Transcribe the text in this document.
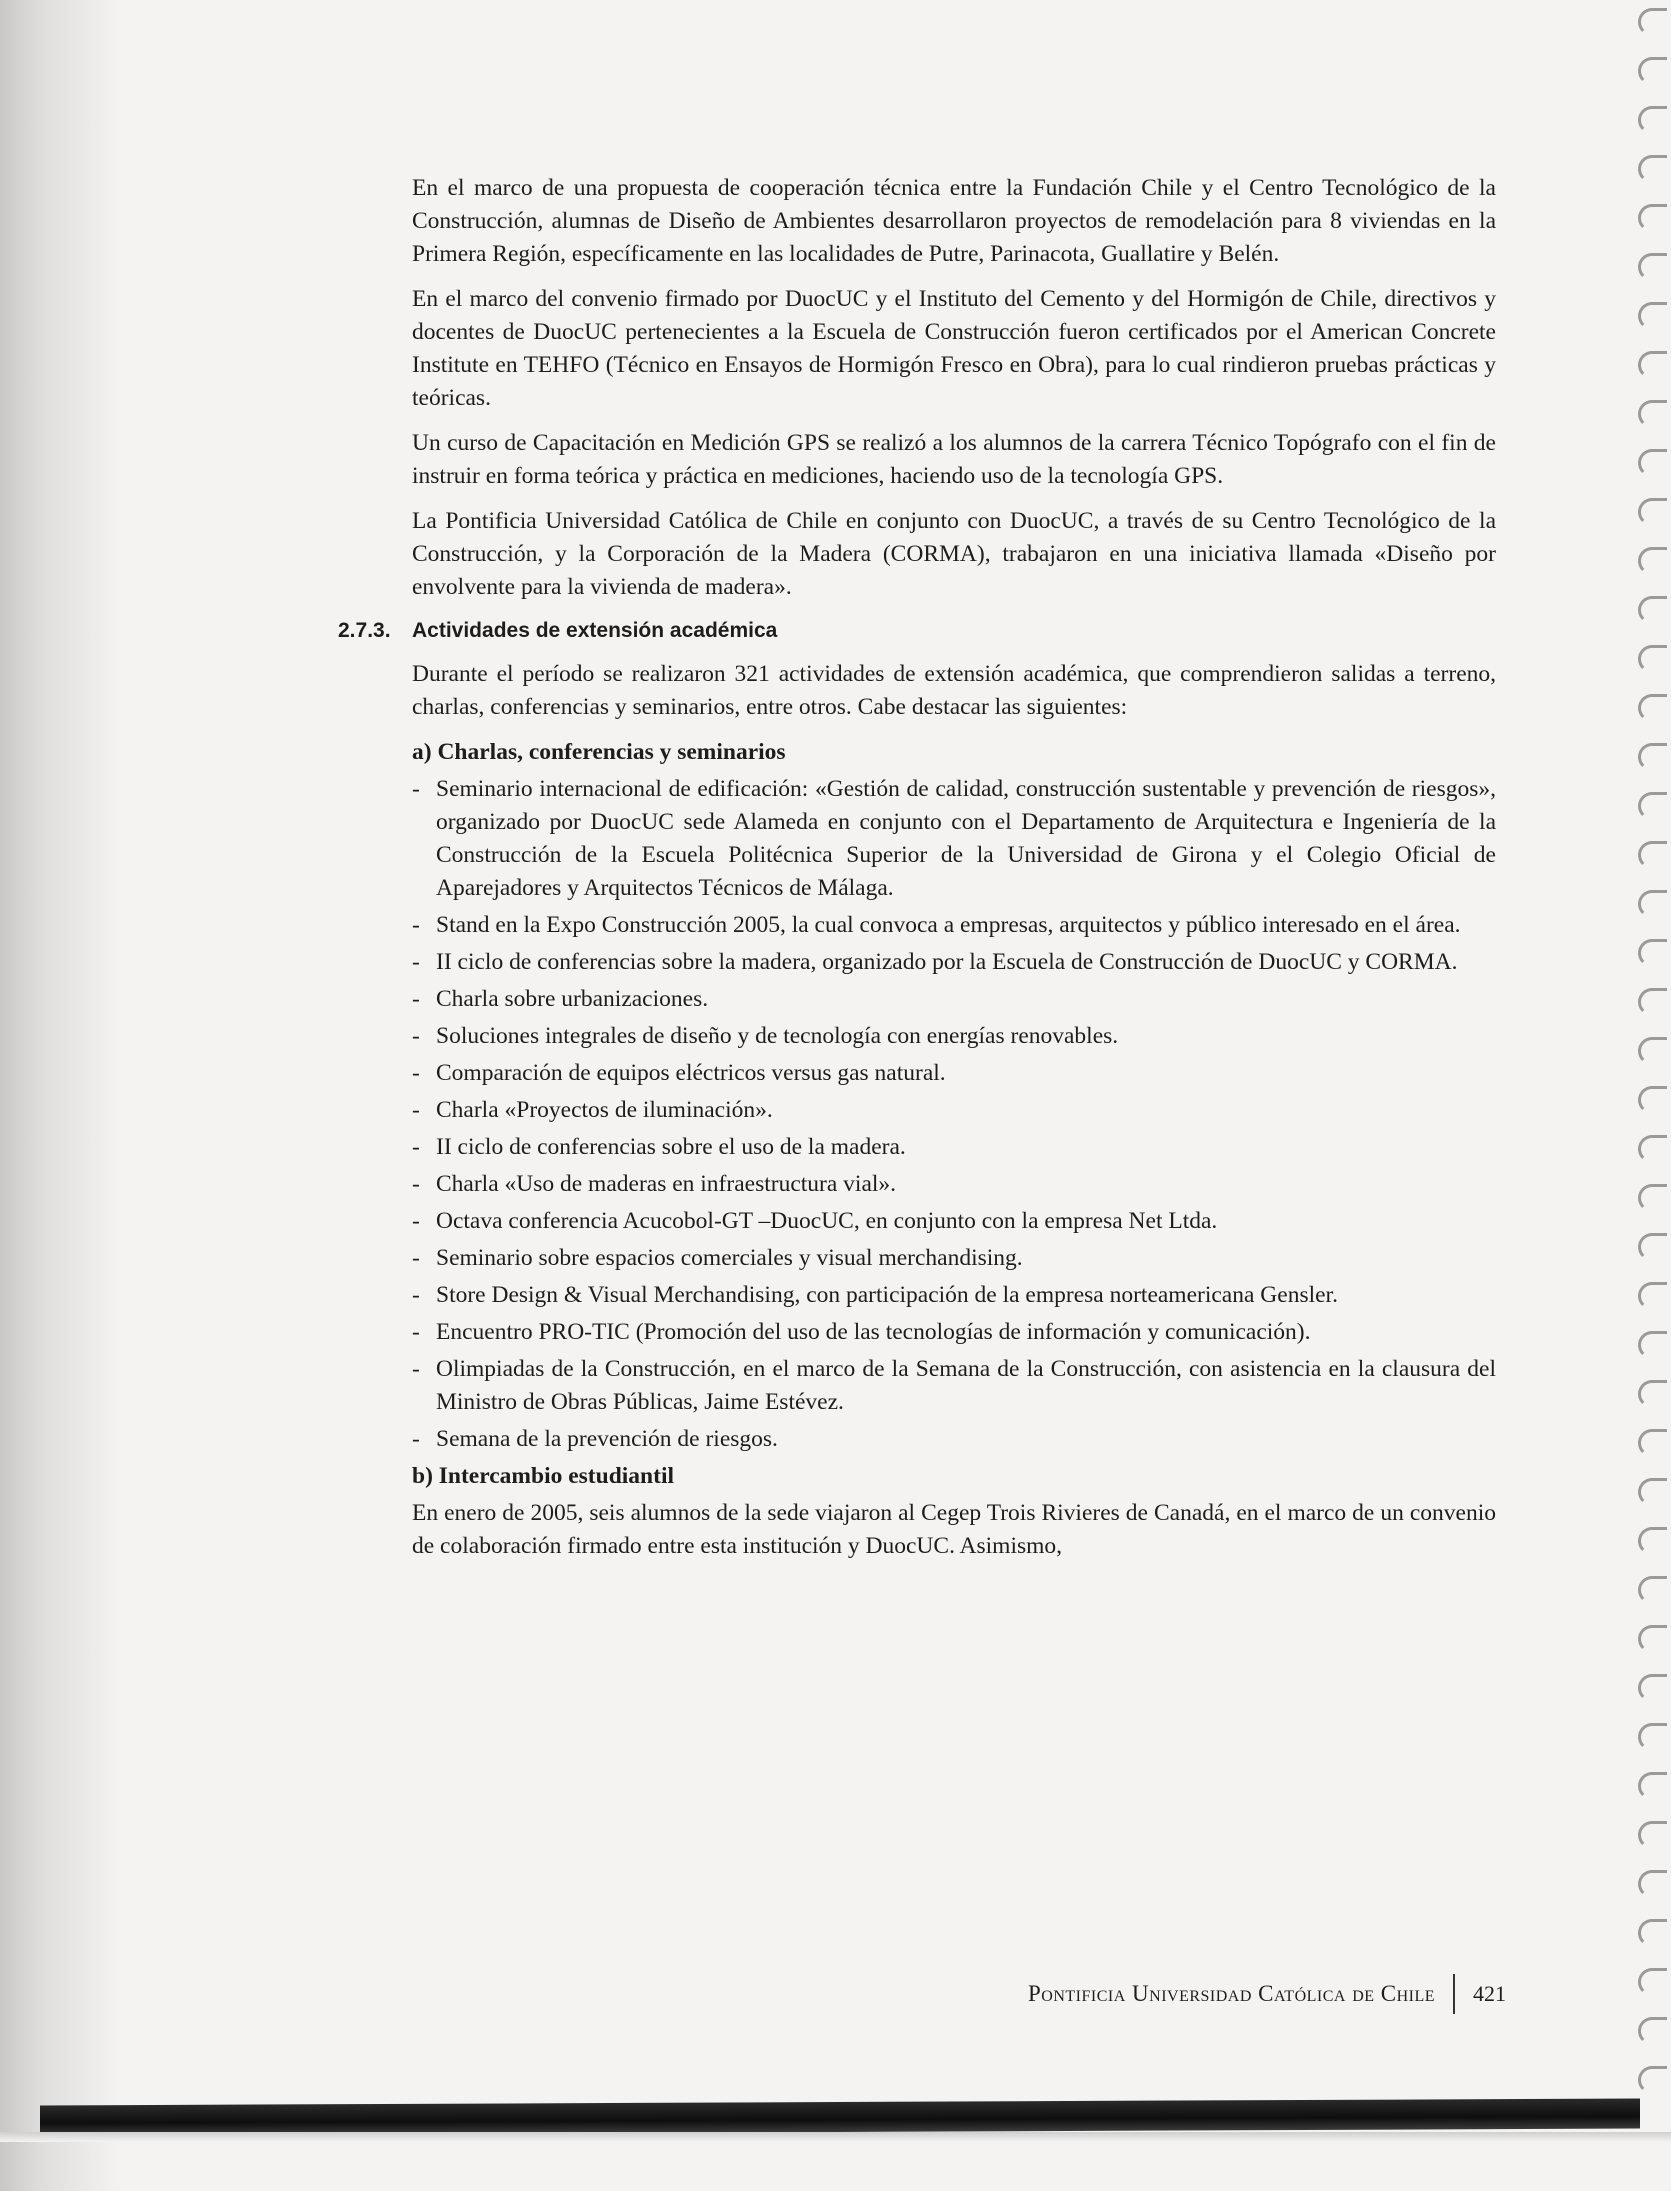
En el marco de una propuesta de cooperación técnica entre la Fundación Chile y el Centro Tecnológico de la Construcción, alumnas de Diseño de Ambientes desarrollaron proyectos de remodelación para 8 viviendas en la Primera Región, específicamente en las localidades de Putre, Parinacota, Guallatire y Belén.

En el marco del convenio firmado por DuocUC y el Instituto del Cemento y del Hormigón de Chile, directivos y docentes de DuocUC pertenecientes a la Escuela de Construcción fueron certificados por el American Concrete Institute en TEHFO (Técnico en Ensayos de Hormigón Fresco en Obra), para lo cual rindieron pruebas prácticas y teóricas.

Un curso de Capacitación en Medición GPS se realizó a los alumnos de la carrera Técnico Topógrafo con el fin de instruir en forma teórica y práctica en mediciones, haciendo uso de la tecnología GPS.

La Pontificia Universidad Católica de Chile en conjunto con DuocUC, a través de su Centro Tecnológico de la Construcción, y la Corporación de la Madera (CORMA), trabajaron en una iniciativa llamada «Diseño por envolvente para la vivienda de madera».

2.7.3. Actividades de extensión académica

Durante el período se realizaron 321 actividades de extensión académica, que comprendieron salidas a terreno, charlas, conferencias y seminarios, entre otros. Cabe destacar las siguientes:

a) Charlas, conferencias y seminarios
- Seminario internacional de edificación: «Gestión de calidad, construcción sustentable y prevención de riesgos», organizado por DuocUC sede Alameda en conjunto con el Departamento de Arquitectura e Ingeniería de la Construcción de la Escuela Politécnica Superior de la Universidad de Girona y el Colegio Oficial de Aparejadores y Arquitectos Técnicos de Málaga.
- Stand en la Expo Construcción 2005, la cual convoca a empresas, arquitectos y público interesado en el área.
- II ciclo de conferencias sobre la madera, organizado por la Escuela de Construcción de DuocUC y CORMA.
- Charla sobre urbanizaciones.
- Soluciones integrales de diseño y de tecnología con energías renovables.
- Comparación de equipos eléctricos versus gas natural.
- Charla «Proyectos de iluminación».
- II ciclo de conferencias sobre el uso de la madera.
- Charla «Uso de maderas en infraestructura vial».
- Octava conferencia Acucobol-GT –DuocUC, en conjunto con la empresa Net Ltda.
- Seminario sobre espacios comerciales y visual merchandising.
- Store Design & Visual Merchandising, con participación de la empresa norteamericana Gensler.
- Encuentro PRO-TIC (Promoción del uso de las tecnologías de información y comunicación).
- Olimpiadas de la Construcción, en el marco de la Semana de la Construcción, con asistencia en la clausura del Ministro de Obras Públicas, Jaime Estévez.
- Semana de la prevención de riesgos.
b) Intercambio estudiantil

En enero de 2005, seis alumnos de la sede viajaron al Cegep Trois Rivieres de Canadá, en el marco de un convenio de colaboración firmado entre esta institución y DuocUC. Asimismo,

Pontificia Universidad Católica de Chile 421
